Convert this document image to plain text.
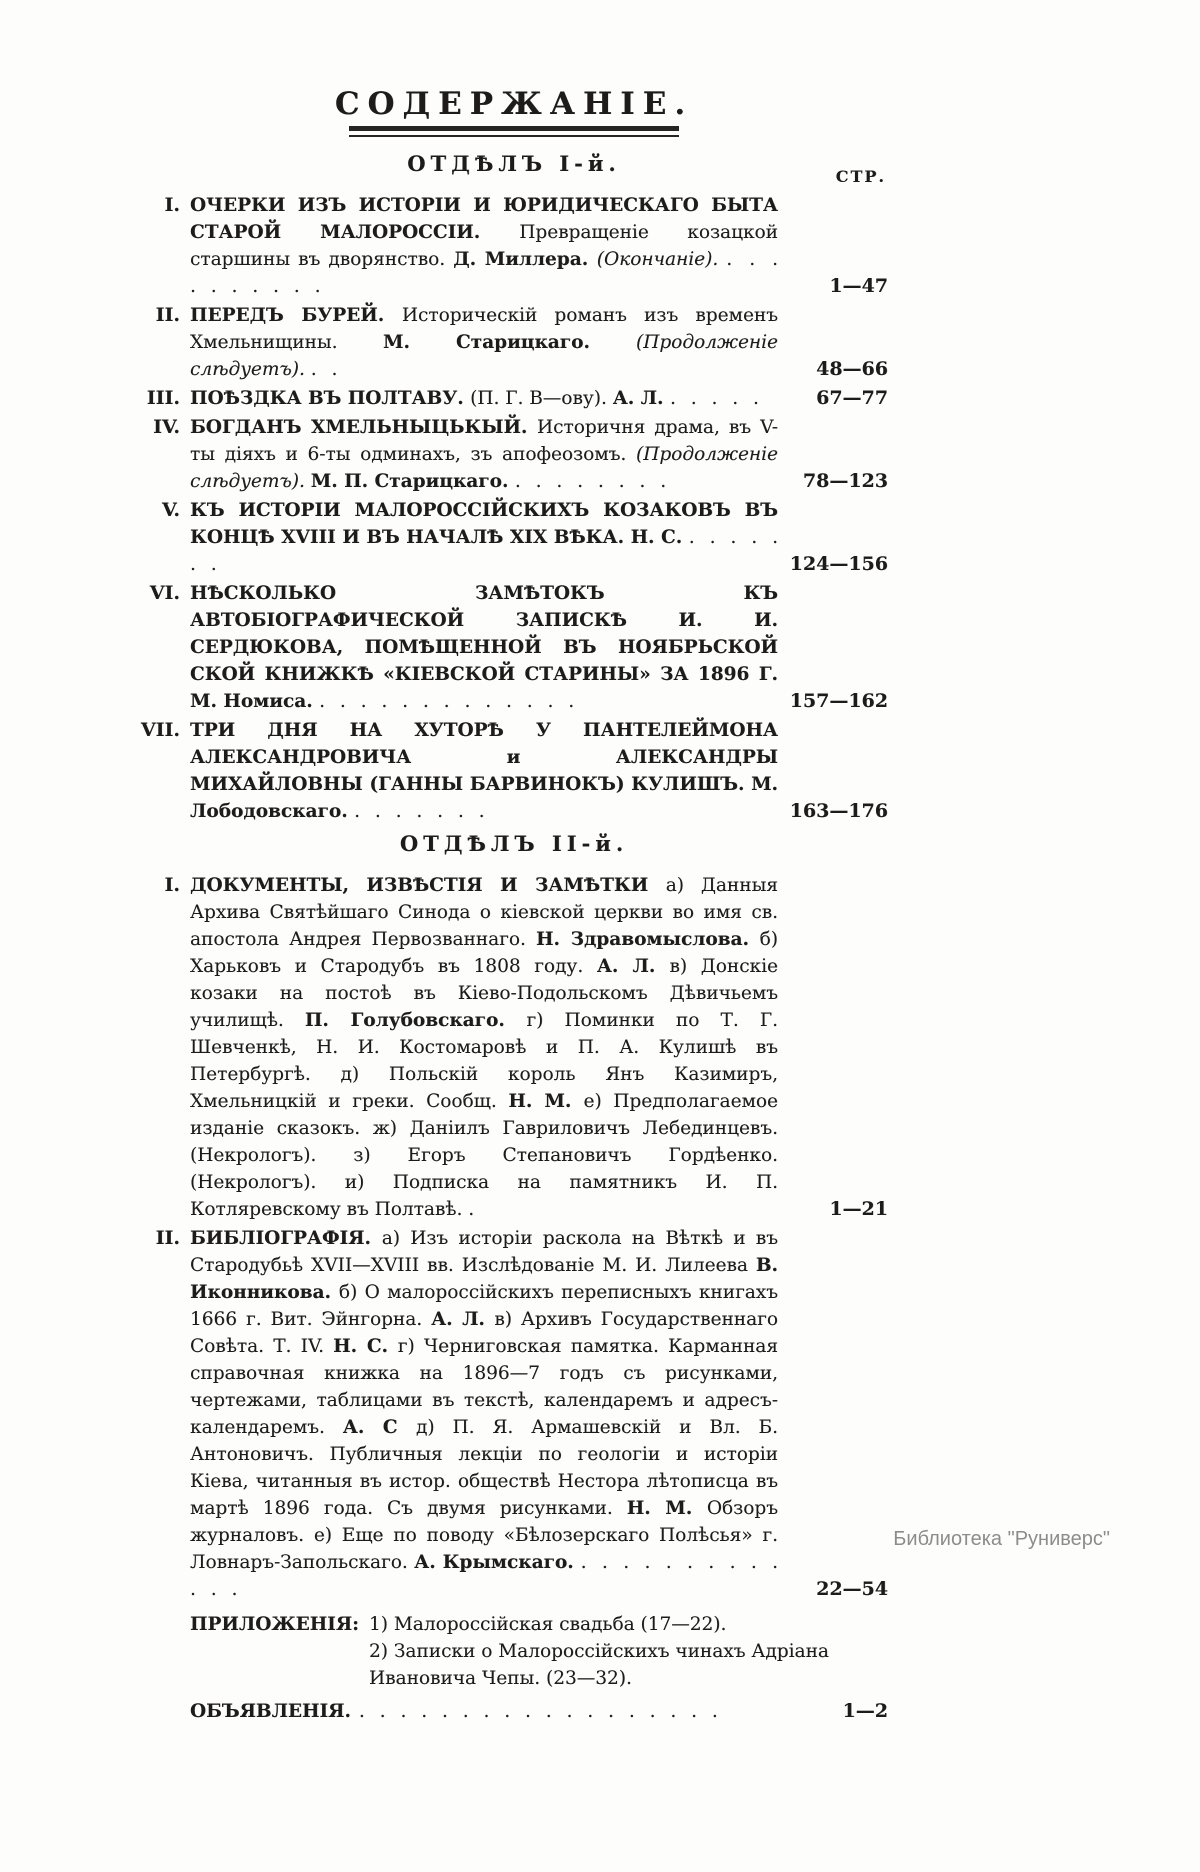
СОДЕРЖАНІЕ.
ОТДѢЛЪ I-й.
СТР.
I. ОЧЕРКИ ИЗЪ ИСТОРІИ И ЮРИДИЧЕСКАГО БЫТА СТАРОЙ МАЛОРОССІИ. Превращеніе козацкой старшины въ дворянство. Д. Миллера. (Окончаніе). . . . . . . . . . .	1—47
II. ПЕРЕДЪ БУРЕЙ. Историческій романъ изъ временъ Хмельнищины. М. Старицкаго. (Продолженіе слѣдуетъ). . .	48—66
III. ПОѢЗДКА ВЪ ПОЛТАВУ. (П. Г. В—ову). А. Л. . . . . .	67—77
IV. БОГДАНЪ ХМЕЛЬНЫЦЬКЫЙ. Историчня драма, въ V-ты діяхъ и 6-ты одминахъ, зъ апофеозомъ. (Продолженіе слѣдуетъ). М. П. Старицкаго. . . . . . . . .	78—123
V. КЪ ИСТОРІИ МАЛОРОССІЙСКИХЪ КОЗАКОВЪ ВЪ КОНЦѢ XVIII И ВЪ НАЧАЛѢ XIX ВѢКА. Н. С. . . . . . . .	124—156
VI. НѢСКОЛЬКО ЗАМѢТОКЪ КЪ АВТОБІОГРАФИЧЕСКОЙ ЗАПИСКѢ И. И. СЕРДЮКОВА, ПОМѢЩЕННОЙ ВЪ НОЯБРЬСКОЙ СКОЙ КНИЖКѢ «КІЕВСКОЙ СТАРИНЫ» ЗА 1896 Г. М. Номиса. . . . . . . . . . . . . .	157—162
VII. ТРИ ДНЯ НА ХУТОРѢ У ПАНТЕЛЕЙМОНА АЛЕКСАНДРОВИЧА и АЛЕКСАНДРЫ МИХАЙЛОВНЫ (ГАННЫ БАРВИНОКЪ) КУЛИШЪ. М. Лободовскаго. . . . . . . .	163—176
ОТДѢЛЪ II-й.
I. ДОКУМЕНТЫ, ИЗВѢСТІЯ И ЗАМѢТКИ а) Данныя Архива Святѣйшаго Синода о кіевской церкви во имя св. апостола Андрея Первозваннаго. Н. Здравомыслова. б) Харьковъ и Стародубъ въ 1808 году. А. Л. в) Донскіе козаки на постоѣ въ Кіево-Подольскомъ Дѣвичьемъ училищѣ. П. Голубовскаго. г) Поминки по Т. Г. Шевченкѣ, Н. И. Костомаровѣ и П. А. Кулишѣ въ Петербургѣ. д) Польскій король Янъ Казимиръ, Хмельницкій и греки. Сообщ. Н. М. е) Предполагаемое изданіе сказокъ. ж) Даніилъ Гавриловичъ Лебединцевъ. (Некрологъ). з) Егоръ Степановичъ Гордѣенко. (Некрологъ). и) Подписка на памятникъ И. П. Котляревскому въ Полтавѣ. .	1—21
II. БИБЛІОГРАФІЯ. а) Изъ исторіи раскола на Вѣткѣ и въ Стародубьѣ XVII—XVIII вв. Изслѣдованіе М. И. Лилеева В. Иконникова. б) О малороссійскихъ переписныхъ книгахъ 1666 г. Вит. Эйнгорна. А. Л. в) Архивъ Государственнаго Совѣта. Т. IV. Н. С. г) Черниговская памятка. Карманная справочная книжка на 1896—7 годъ съ рисунками, чертежами, таблицами въ текстѣ, календаремъ и адресъ-календаремъ. А. С д) П. Я. Армашевскій и Вл. Б. Антоновичъ. Публичныя лекціи по геологіи и исторіи Кіева, читанныя въ истор. обществѣ Нестора лѣтописца въ мартѣ 1896 года. Съ двумя рисунками. Н. М. Обзоръ журналовъ. е) Еще по поводу «Бѣлозерскаго Полѣсья» г. Ловнаръ-Запольскаго. А. Крымскаго. . . . . . . . . . . . . .	22—54
ПРИЛОЖЕНІЯ: 1) Малороссійская свадьба (17—22).
2) Записки о Малороссійскихъ чинахъ Адріана Ивановича Чепы. (23—32).
ОБЪЯВЛЕНІЯ. . . . . . . . . . . . . . . . . . .	1—2
Библиотека "Руниверс"
